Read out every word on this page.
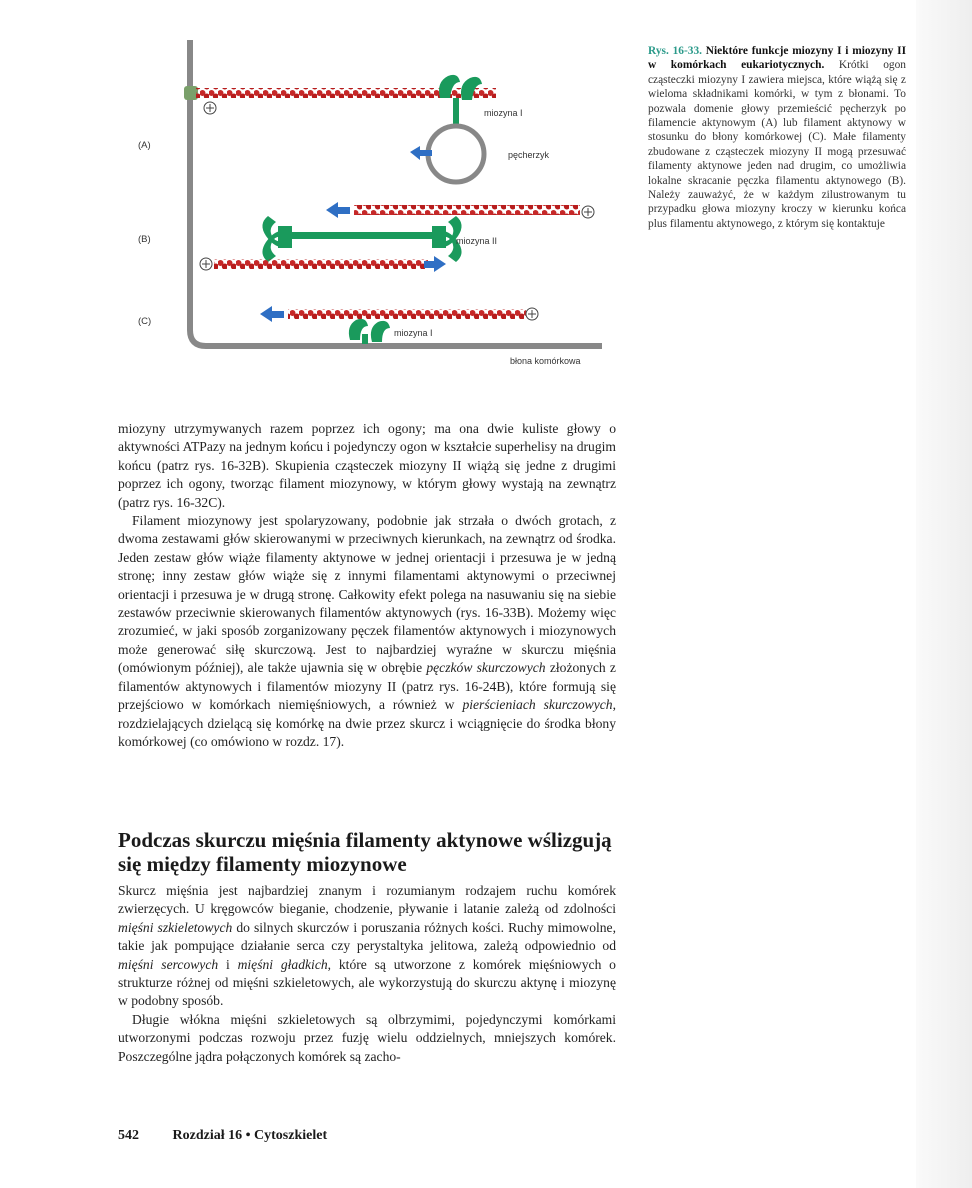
(A)
(B)
(C)
miozyna I
pęcherzyk
miozyna II
miozyna I
błona komórkowa
Rys. 16-33. Niektóre funkcje miozyny I i miozyny II w komórkach eukariotycznych. Krótki ogon cząsteczki miozyny I zawiera miejsca, które wiążą się z wieloma składnikami komórki, w tym z błonami. To pozwala domenie głowy przemieścić pęcherzyk po filamencie aktynowym (A) lub filament aktynowy w stosunku do błony komórkowej (C). Małe filamenty zbudowane z cząsteczek miozyny II mogą przesuwać filamenty aktynowe jeden nad drugim, co umożliwia lokalne skracanie pęczka filamentu aktynowego (B). Należy zauważyć, że w każdym zilustrowanym tu przypadku głowa miozyny kroczy w kierunku końca plus filamentu aktynowego, z którym się kontaktuje

miozyny utrzymywanych razem poprzez ich ogony; ma ona dwie kuliste głowy o aktywności ATPazy na jednym końcu i pojedynczy ogon w kształcie superhelisy na drugim końcu (patrz rys. 16-32B). Skupienia cząsteczek miozyny II wiążą się jedne z drugimi poprzez ich ogony, tworząc filament miozynowy, w którym głowy wystają na zewnątrz (patrz rys. 16-32C).

Filament miozynowy jest spolaryzowany, podobnie jak strzała o dwóch grotach, z dwoma zestawami głów skierowanymi w przeciwnych kierunkach, na zewnątrz od środka. Jeden zestaw głów wiąże filamenty aktynowe w jednej orientacji i przesuwa je w jedną stronę; inny zestaw głów wiąże się z innymi filamentami aktynowymi o przeciwnej orientacji i przesuwa je w drugą stronę. Całkowity efekt polega na nasuwaniu się na siebie zestawów przeciwnie skierowanych filamentów aktynowych (rys. 16-33B). Możemy więc zrozumieć, w jaki sposób zorganizowany pęczek filamentów aktynowych i miozynowych może generować siłę skurczową. Jest to najbardziej wyraźne w skurczu mięśnia (omówionym później), ale także ujawnia się w obrębie pęczków skurczowych złożonych z filamentów aktynowych i filamentów miozyny II (patrz rys. 16-24B), które formują się przejściowo w komórkach niemięśniowych, a również w pierścieniach skurczowych, rozdzielających dzielącą się komórkę na dwie przez skurcz i wciągnięcie do środka błony komórkowej (co omówiono w rozdz. 17).

Podczas skurczu mięśnia filamenty aktynowe wślizgują się między filamenty miozynowe

Skurcz mięśnia jest najbardziej znanym i rozumianym rodzajem ruchu komórek zwierzęcych. U kręgowców bieganie, chodzenie, pływanie i latanie zależą od zdolności mięśni szkieletowych do silnych skurczów i poruszania różnych kości. Ruchy mimowolne, takie jak pompujące działanie serca czy perystaltyka jelitowa, zależą odpowiednio od mięśni sercowych i mięśni gładkich, które są utworzone z komórek mięśniowych o strukturze różnej od mięśni szkieletowych, ale wykorzystują do skurczu aktynę i miozynę w podobny sposób.

Długie włókna mięśni szkieletowych są olbrzymimi, pojedynczymi komórkami utworzonymi podczas rozwoju przez fuzję wielu oddzielnych, mniejszych komórek. Poszczególne jądra połączonych komórek są zacho-

542 Rozdział 16 • Cytoszkielet
